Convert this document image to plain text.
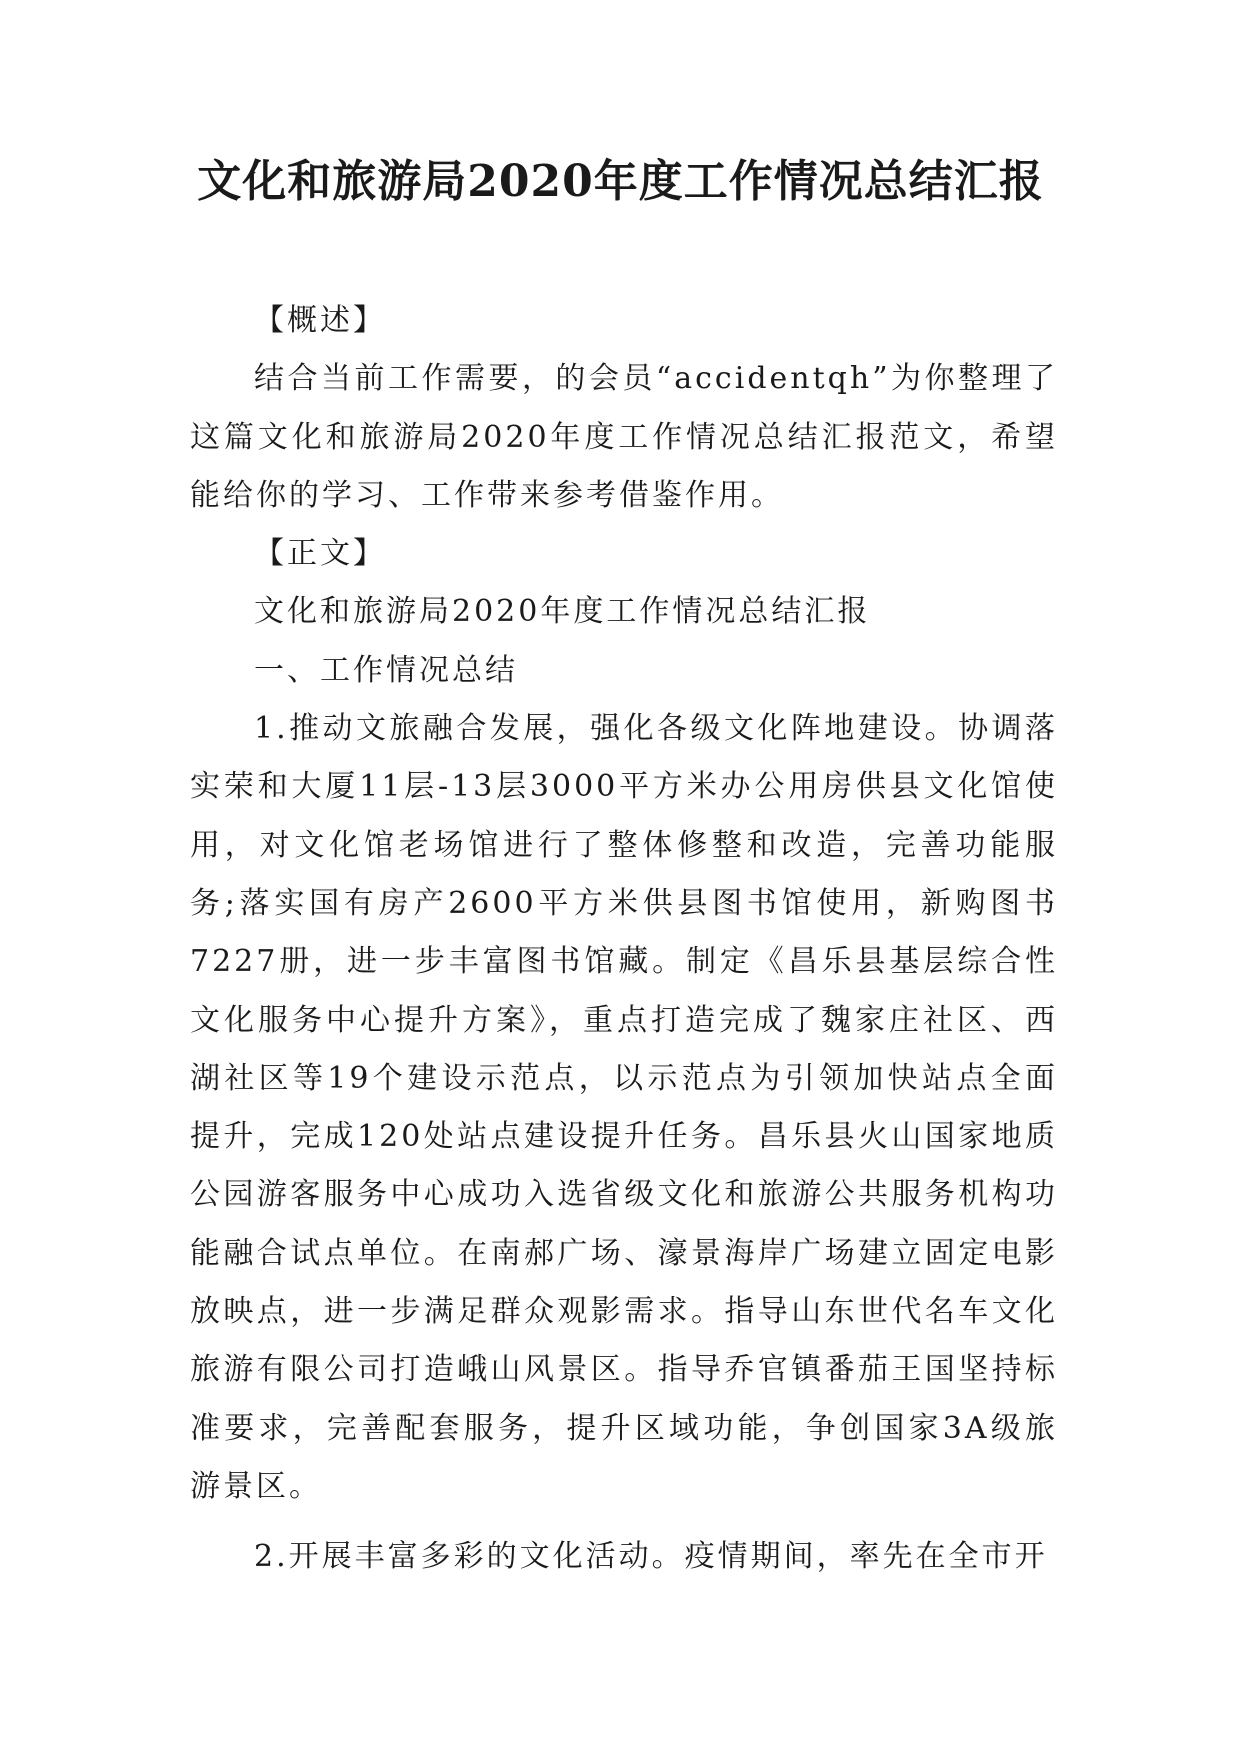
文化和旅游局2020年度工作情况总结汇报

【概述】

结合当前工作需要，的会员“accidentqh”为你整理了这篇文化和旅游局2020年度工作情况总结汇报范文，希望能给你的学习、工作带来参考借鉴作用。

【正文】

文化和旅游局2020年度工作情况总结汇报

一、工作情况总结

1.推动文旅融合发展，强化各级文化阵地建设。协调落实荣和大厦11层-13层3000平方米办公用房供县文化馆使用，对文化馆老场馆进行了整体修整和改造，完善功能服务;落实国有房产2600平方米供县图书馆使用，新购图书7227册，进一步丰富图书馆藏。制定《昌乐县基层综合性文化服务中心提升方案》，重点打造完成了魏家庄社区、西湖社区等19个建设示范点，以示范点为引领加快站点全面提升，完成120处站点建设提升任务。昌乐县火山国家地质公园游客服务中心成功入选省级文化和旅游公共服务机构功能融合试点单位。在南郝广场、濠景海岸广场建立固定电影放映点，进一步满足群众观影需求。指导山东世代名车文化旅游有限公司打造峨山风景区。指导乔官镇番茄王国坚持标准要求，完善配套服务，提升区域功能，争创国家3A级旅游景区。

2.开展丰富多彩的文化活动。疫情期间，率先在全市开
